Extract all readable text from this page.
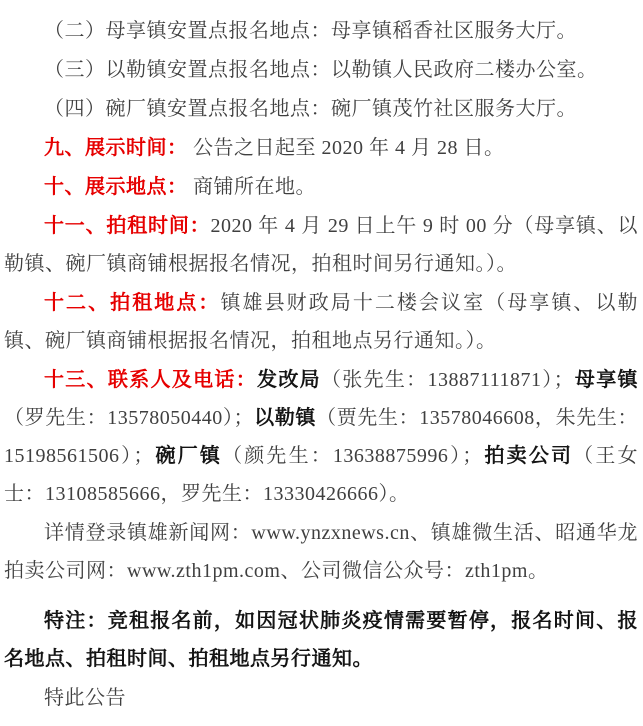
（二）母享镇安置点报名地点：母享镇稻香社区服务大厅。

（三）以勒镇安置点报名地点：以勒镇人民政府二楼办公室。

（四）碗厂镇安置点报名地点：碗厂镇茂竹社区服务大厅。

九、展示时间： 公告之日起至 2020 年 4 月 28 日。

十、展示地点： 商铺所在地。

十一、拍租时间：2020 年 4 月 29 日上午 9 时 00 分（母享镇、以勒镇、碗厂镇商铺根据报名情况，拍租时间另行通知。）。

十二、拍租地点：镇雄县财政局十二楼会议室（母享镇、以勒镇、碗厂镇商铺根据报名情况，拍租地点另行通知。）。

十三、联系人及电话：发改局（张先生：13887111871）；母享镇（罗先生：13578050440）；以勒镇（贾先生：13578046608，朱先生：15198561506）；碗厂镇（颜先生：13638875996）；拍卖公司（王女士：13108585666，罗先生：13330426666）。

详情登录镇雄新闻网：www.ynzxnews.cn、镇雄微生活、昭通华龙拍卖公司网：www.zth1pm.com、公司微信公众号：zth1pm。

特注：竞租报名前，如因冠状肺炎疫情需要暂停，报名时间、报名地点、拍租时间、拍租地点另行通知。

特此公告
